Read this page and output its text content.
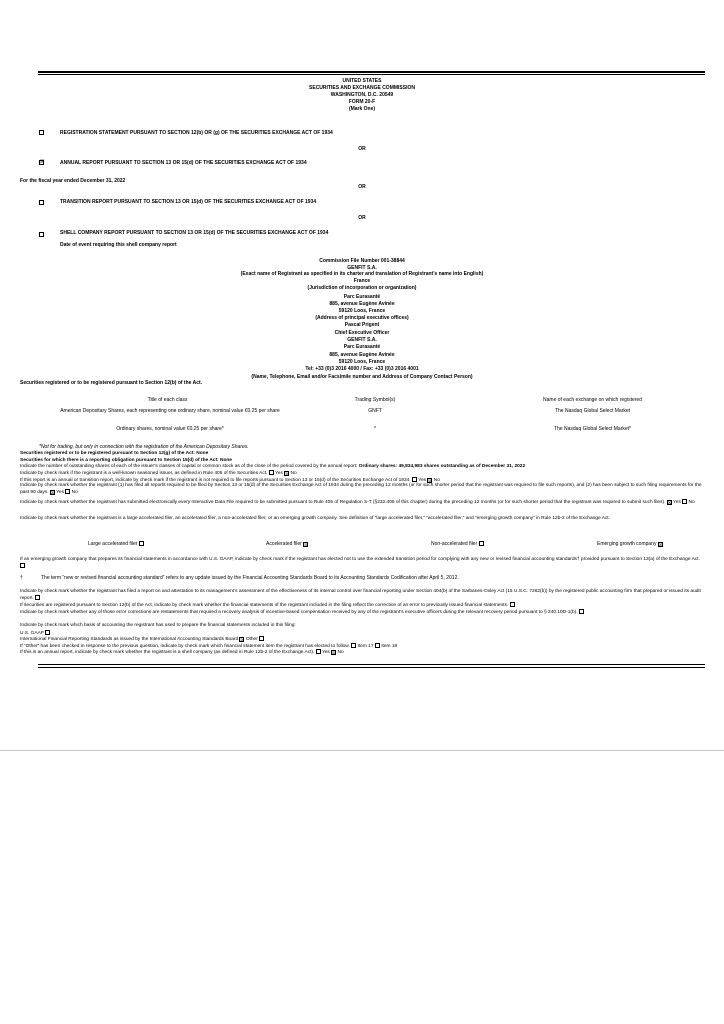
UNITED STATES
SECURITIES AND EXCHANGE COMMISSION
WASHINGTON, D.C. 20549
FORM 20-F
(Mark One)
REGISTRATION STATEMENT PURSUANT TO SECTION 12(b) OR (g) OF THE SECURITIES EXCHANGE ACT OF 1934
OR
☒	ANNUAL REPORT PURSUANT TO SECTION 13 OR 15(d) OF THE SECURITIES EXCHANGE ACT OF 1934
For the fiscal year ended December 31, 2022
OR
TRANSITION REPORT PURSUANT TO SECTION 13 OR 15(d) OF THE SECURITIES EXCHANGE ACT OF 1934
OR
SHELL COMPANY REPORT PURSUANT TO SECTION 13 OR 15(d) OF THE SECURITIES EXCHANGE ACT OF 1934
Date of event requiring this shell company report
Commission File Number 001-38844
GENFIT S.A.
(Exact name of Registrant as specified in its charter and translation of Registrant’s name into English)
France
(Jurisdiction of incorporation or organization)
Parc Eurasanté
885, avenue Eugène Avinée
59120 Loos, France
(Address of principal executive offices)
Pascal Prigent
Chief Executive Officer
GENFIT S.A.
Parc Eurasanté
885, avenue Eugène Avinée
59120 Loos, France
Tel: +33 (0)3 2016 4000 / Fax: +33 (0)3 2016 4001
(Name, Telephone, Email and/or Facsimile number and Address of Company Contact Person)
Securities registered or to be registered pursuant to Section 12(b) of the Act.
Title of each class	Trading Symbol(s)	Name of each exchange on which registered
American Depositary Shares, each representing one ordinary share, nominal value €0.25 per share	GNFT	The Nasdaq Global Select Market
Ordinary shares, nominal value €0.25 per share*	*	The Nasdaq Global Select Market*
*Not for trading, but only in connection with the registration of the American Depositary Shares.
Securities registered or to be registered pursuant to Section 12(g) of the Act: None
Securities for which there is a reporting obligation pursuant to Section 15(d) of the Act: None
Indicate the number of outstanding shares of each of the issuer’s classes of capital or common stock as of the close of the period covered by the annual report: Ordinary shares: 49,834,983 shares outstanding as of December 31, 2022
Indicate by check mark if the registrant is a well-known seasoned issuer, as defined in Rule 405 of the Securities Act. Yes ☒ No
If this report is an annual or transition report, indicate by check mark if the registrant is not required to file reports pursuant to Section 13 or 15(d) of the Securities Exchange Act of 1934. Yes ☒ No
Indicate by check mark whether the registrant (1) has filed all reports required to be filed by Section 13 or 15(d) of the Securities Exchange Act of 1934 during the preceding 12 months (or for such shorter period that the registrant was required to file such reports), and (2) has been subject to such filing requirements for the past 90 days. ☒ Yes No
Indicate by check mark whether the registrant has submitted electronically every Interactive Data File required to be submitted pursuant to Rule 405 of Regulation S-T (§232.405 of this chapter) during the preceding 12 months (or for such shorter period that the registrant was required to submit such files). ☒ Yes No
Indicate by check mark whether the registrant is a large accelerated filer, an accelerated filer, a non-accelerated filer, or an emerging growth company. See definition of “large accelerated filer,” “accelerated filer,” and “emerging growth company” in Rule 12b-2 of the Exchange Act.
Large accelerated filer	Accelerated filer ☒	Non-accelerated filer	Emerging growth company ☒
If an emerging growth company that prepares its financial statements in accordance with U.S. GAAP, indicate by check mark if the registrant has elected not to use the extended transition period for complying with any new or revised financial accounting standards† provided pursuant to Section 13(a) of the Exchange Act.
†	The term “new or revised financial accounting standard” refers to any update issued by the Financial Accounting Standards Board to its Accounting Standards Codification after April 5, 2012.
Indicate by check mark whether the registrant has filed a report on and attestation to its management’s assessment of the effectiveness of its internal control over financial reporting under Section 404(b) of the Sarbanes-Oxley Act (15 U.S.C. 7262(b)) by the registered public accounting firm that prepared or issued its audit report.
If securities are registered pursuant to Section 12(b) of the Act, indicate by check mark whether the financial statements of the registrant included in the filing reflect the correction of an error to previously issued financial statements.
Indicate by check mark whether any of those error corrections are restatements that required a recovery analysis of incentive-based compensation received by any of the registrant’s executive officers during the relevant recovery period pursuant to § 240.10D-1(b).
Indicate by check mark which basis of accounting the registrant has used to prepare the financial statements included in this filing:
U.S. GAAP
International Financial Reporting Standards as issued by the International Accounting Standards Board ☒ Other
If “Other” has been checked in response to the previous question, indicate by check mark which financial statement item the registrant has elected to follow. Item 17 Item 18
If this is an annual report, indicate by check mark whether the registrant is a shell company (as defined in Rule 12b-2 of the Exchange Act). Yes ☒ No
